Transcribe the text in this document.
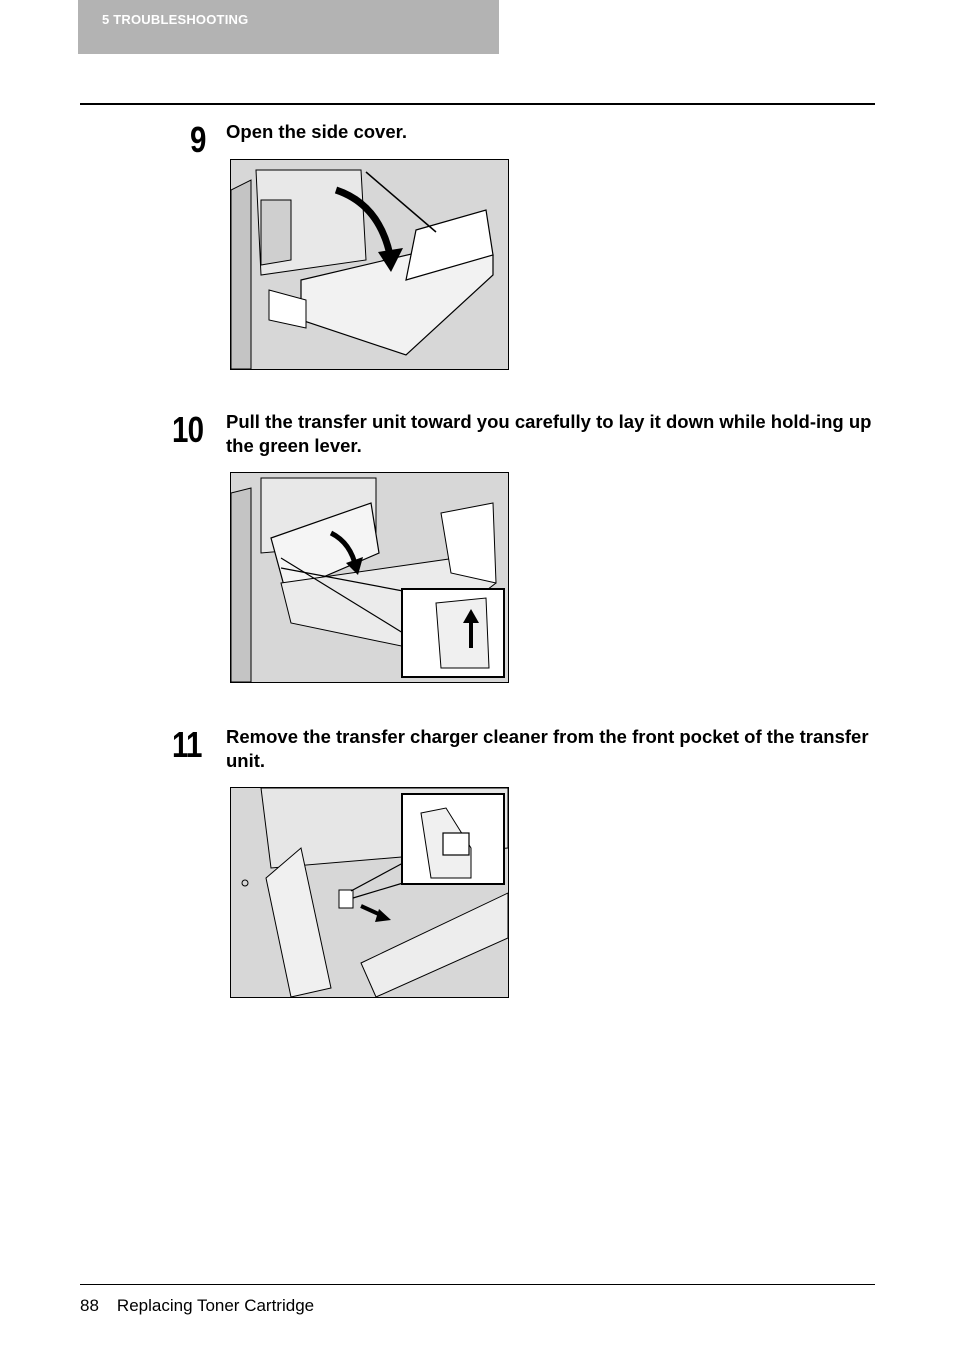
5 TROUBLESHOOTING
9 Open the side cover.
10 Pull the transfer unit toward you carefully to lay it down while hold-ing up the green lever.
11 Remove the transfer charger cleaner from the front pocket of the transfer unit.
88 Replacing Toner Cartridge
